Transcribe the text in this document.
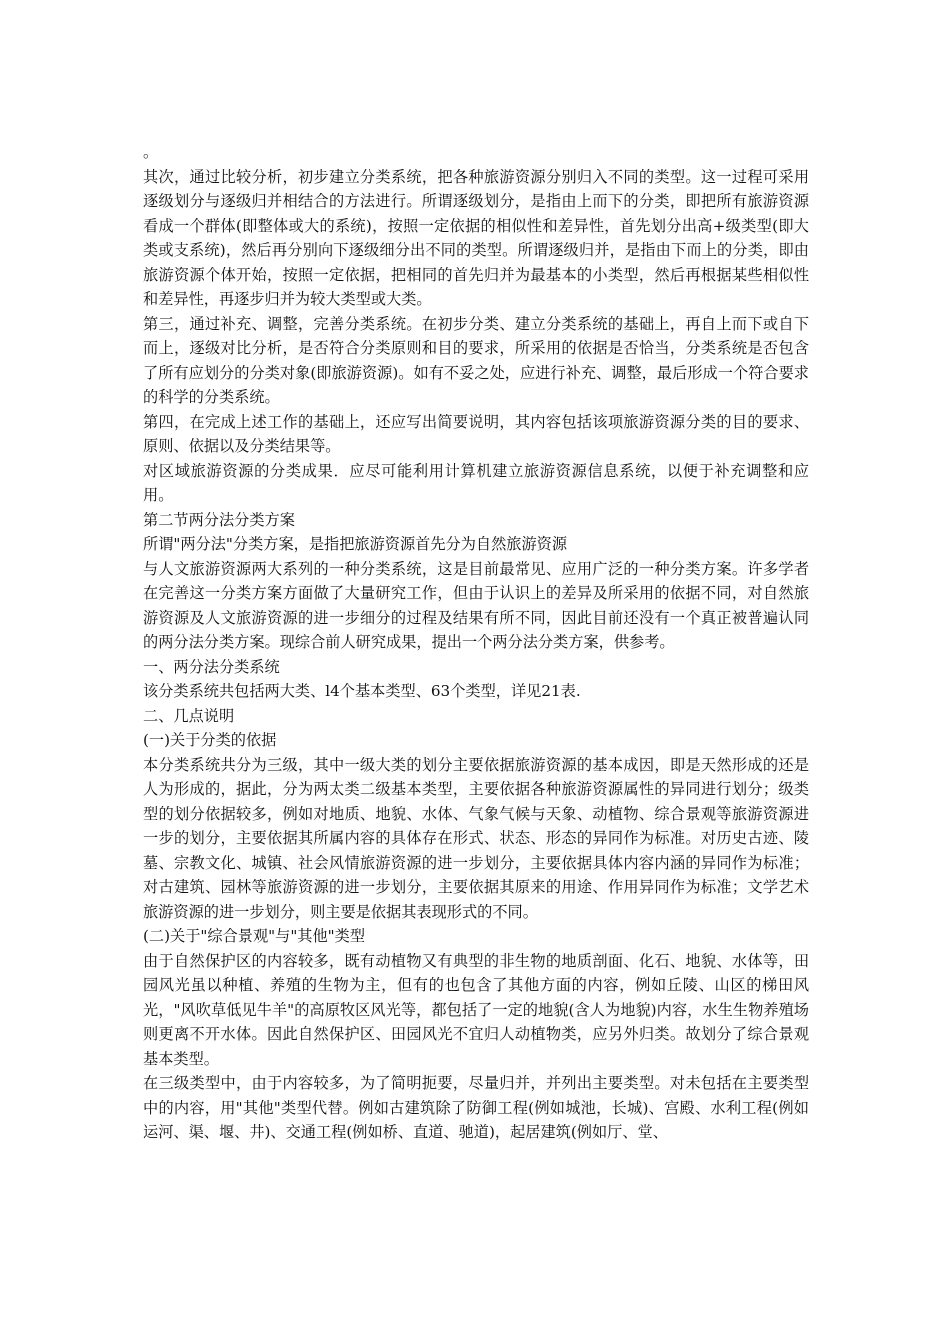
。

其次，通过比较分析，初步建立分类系统，把各种旅游资源分别归入不同的类型。这一过程可采用逐级划分与逐级归并相结合的方法进行。所谓逐级划分，是指由上而下的分类，即把所有旅游资源看成一个群体(即整体或大的系统)，按照一定依据的相似性和差异性，首先划分出高+级类型(即大类或支系统)，然后再分别向下逐级细分出不同的类型。所谓逐级归并，是指由下而上的分类，即由旅游资源个体开始，按照一定依据，把相同的首先归并为最基本的小类型，然后再根据某些相似性和差异性，再逐步归并为较大类型或大类。

第三，通过补充、调整，完善分类系统。在初步分类、建立分类系统的基础上，再自上而下或自下而上，逐级对比分析，是否符合分类原则和目的要求，所采用的依据是否恰当，分类系统是否包含了所有应划分的分类对象(即旅游资源)。如有不妥之处，应进行补充、调整，最后形成一个符合要求的科学的分类系统。

第四，在完成上述工作的基础上，还应写出简要说明，其内容包括该项旅游资源分类的目的要求、原则、依据以及分类结果等。

对区域旅游资源的分类成果．应尽可能利用计算机建立旅游资源信息系统，以便于补充调整和应用。

第二节两分法分类方案

所谓"两分法"分类方案，是指把旅游资源首先分为自然旅游资源

与人文旅游资源两大系列的一种分类系统，这是目前最常见、应用广泛的一种分类方案。许多学者在完善这一分类方案方面做了大量研究工作，但由于认识上的差异及所采用的依据不同，对自然旅游资源及人文旅游资源的进一步细分的过程及结果有所不同，因此目前还没有一个真正被普遍认同的两分法分类方案。现综合前人研究成果，提出一个两分法分类方案，供参考。

一、两分法分类系统

该分类系统共包括两大类、l4个基本类型、63个类型，详见21表.

二、几点说明

(一)关于分类的依据

本分类系统共分为三级，其中一级大类的划分主要依据旅游资源的基本成因，即是天然形成的还是人为形成的，据此，分为两太类二级基本类型，主要依据各种旅游资源属性的异同进行划分；级类型的划分依据较多，例如对地质、地貌、水体、气象气候与天象、动植物、综合景观等旅游资源进一步的划分，主要依据其所属内容的具体存在形式、状态、形态的异同作为标准。对历史古迹、陵墓、宗教文化、城镇、社会风情旅游资源的进一步划分，主要依据具体内容内涵的异同作为标准；对古建筑、园林等旅游资源的进一步划分，主要依据其原来的用途、作用异同作为标准；文学艺术旅游资源的进一步划分，则主要是依据其表现形式的不同。

(二)关于"综合景观"与"其他"类型

由于自然保护区的内容较多，既有动植物又有典型的非生物的地质剖面、化石、地貌、水体等，田园风光虽以种植、养殖的生物为主，但有的也包含了其他方面的内容，例如丘陵、山区的梯田风光，"风吹草低见牛羊"的高原牧区风光等，都包括了一定的地貌(含人为地貌)内容，水生生物养殖场则更离不开水体。因此自然保护区、田园风光不宜归人动植物类，应另外归类。故划分了综合景观基本类型。

在三级类型中，由于内容较多，为了简明扼要，尽量归并，并列出主要类型。对未包括在主要类型中的内容，用"其他"类型代替。例如古建筑除了防御工程(例如城池，长城)、宫殿、水利工程(例如运河、渠、堰、井)、交通工程(例如桥、直道、驰道)，起居建筑(例如厅、堂、
